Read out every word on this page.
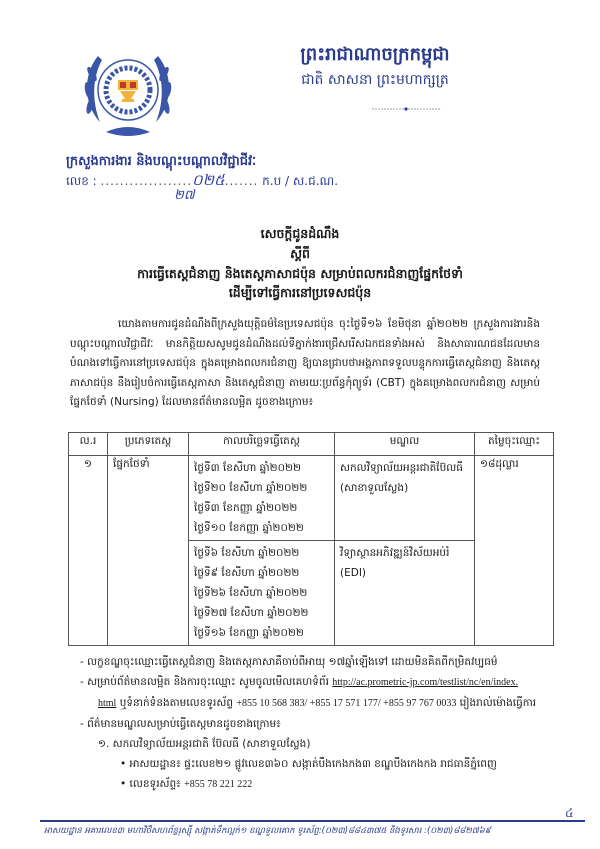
ព្រះរាជាណាចក្រកម្ពុជា
ជាតិ សាសនា ព្រះមហាក្សត្រ
ក្រសួងការងារ និងបណ្តុះបណ្តាលវិជ្ជាជីវៈ
លេខ : ...................០២៥....... ក.ប / ស.ជ.ណ.
២៧
សេចក្តីជូនដំណឹង
ស្តីពី
ការធ្វើតេស្តជំនាញ និងតេស្តភាសាជប៉ុន សម្រាប់ពលករជំនាញផ្នែកថែទាំ
ដើម្បីទៅធ្វើការនៅប្រទេសជប៉ុន
យោងតាមការជូនដំណឹងពីក្រសួងយុត្តិធម៌នៃប្រទេសជប៉ុន ចុះថ្ងៃទី១៦ ខែមិថុនា ឆ្នាំ២០២២ ក្រសួងការងារនិងបណ្តុះបណ្តាលវិជ្ជាជីវៈ មានកិត្តិយសសូមជូនដំណឹងដល់ទីភ្នាក់ងារជ្រើសរើសឯកជនទាំងអស់ និងសាធារណជនដែលមានបំណងទៅធ្វើការនៅប្រទេសជប៉ុន ក្នុងគម្រោងពលករជំនាញ ឱ្យបានជ្រាបថាអង្គភាពទទួលបន្ទុកការធ្វើតេស្តជំនាញ និងតេស្តភាសាជប៉ុន នឹងរៀបចំការធ្វើតេស្តភាសា និងតេស្តជំនាញ តាមរយៈប្រព័ន្ធកុំព្យូទ័រ (CBT) ក្នុងគម្រោងពលករជំនាញ សម្រាប់ផ្នែកថែទាំ (Nursing) ដែលមានព័ត៌មានលម្អិត ដូចខាងក្រោម៖
ល.រ	ប្រភេទតេស្ត	កាលបរិច្ឆេទធ្វើតេស្ត	មណ្ឌល	តម្លៃចុះឈ្មោះ
១	ផ្នែកថែទាំ	ថ្ងៃទី៣ ខែសីហា ឆ្នាំ២០២២
ថ្ងៃទី២០ ខែសីហា ឆ្នាំ២០២២
ថ្ងៃទី៣ ខែកញ្ញា ឆ្នាំ២០២២
ថ្ងៃទី១០ ខែកញ្ញា ឆ្នាំ២០២២	សកលវិទ្យាល័យអន្តរជាតិប៊ែលធី
(សាខាទួលស្លែង)	១៨ដុល្លារ

		ថ្ងៃទី៦ ខែសីហា ឆ្នាំ២០២២
ថ្ងៃទី៩ ខែសីហា ឆ្នាំ២០២២
ថ្ងៃទី២៦ ខែសីហា ឆ្នាំ២០២២
ថ្ងៃទី២៧ ខែសីហា ឆ្នាំ២០២២
ថ្ងៃទី១៦ ខែកញ្ញា ឆ្នាំ២០២២	វិទ្យាស្ថានអភិវឌ្ឍន៍វិស័យអប់រំ (EDI)	
- លក្ខខណ្ឌចុះឈ្មោះធ្វើតេស្តជំនាញ និងតេស្តភាសាគឺចាប់ពីអាយុ ១៧ឆ្នាំឡើងទៅ ដោយមិនគិតពីកម្រិតវប្បធម៌
- សម្រាប់ព័ត៌មានលម្អិត និងការចុះឈ្មោះ សូមចូលមើលគេហទំព័រ http://ac.prometric-jp.com/testlist/nc/en/index.
html ឬទំនាក់ទំនងតាមលេខទូរស័ព្ទ +855 10 568 383/ +855 17 571 177/ +855 97 767 0033 រៀងរាល់ម៉ោងធ្វើការ
- ព័ត៌មានមណ្ឌលសម្រាប់ធ្វើតេស្តមានដូចខាងក្រោម៖
១. សកលវិទ្យាល័យអន្តរជាតិ ប៊ែលធី (សាខាទួលស្លែង)
• អាសយដ្ឋាន៖ ផ្ទះលេខ២១ ផ្លូវលេខ៣៦០ សង្កាត់បឹងកេងកង៣ ខណ្ឌបឹងកេងកង រាជធានីភ្នំពេញ
• លេខទូរស័ព្ទ៖ +855 78 221 222
៤
អាសយដ្ឋាន អគារលេខ៣ មហាវិថីសហព័ន្ធរុស្ស៊ី សង្កាត់ទឹកល្អក់១ ខណ្ឌទួលគោក ទូរស័ព្ទ:(០២៣)៨៨៤៣៧៥ និងទូរសារ :(០២៣)៨៨២៧៦៩
